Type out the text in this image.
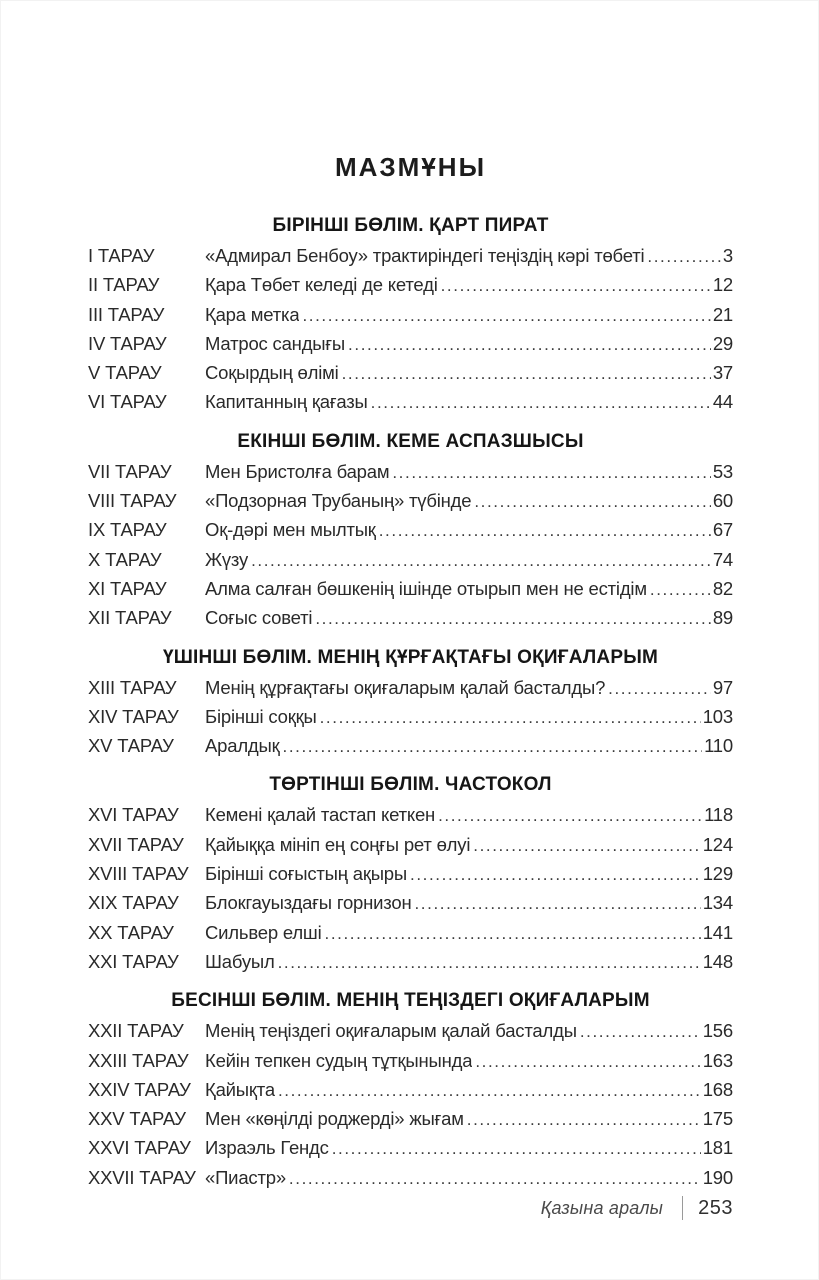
МАЗМҰНЫ
БІРІНШІ БӨЛІМ. ҚАРТ ПИРАТ
I ТАРАУ	«Адмирал Бенбоу» трактиріндегі теңіздің кәрі төбеті .....	3
II ТАРАУ	Қара Төбет келеді де кетеді .....	12
III ТАРАУ	Қара метка .....	21
IV ТАРАУ	Матрос сандығы .....	29
V ТАРАУ	Соқырдың өлімі .....	37
VI ТАРАУ	Капитанның қағазы .....	44
ЕКІНШІ БӨЛІМ. КЕМЕ АСПАЗШЫСЫ
VII ТАРАУ	Мен Бристолға барам .....	53
VIII ТАРАУ	«Подзорная Трубаның» түбінде .....	60
IX ТАРАУ	Оқ-дәрі мен мылтық .....	67
X ТАРАУ	Жүзу .....	74
XI ТАРАУ	Алма салған бөшкенің ішінде отырып мен не естідім .....	82
XII ТАРАУ	Соғыс советі .....	89
ҮШІНШІ БӨЛІМ. МЕНІҢ ҚҰРҒАҚТАҒЫ ОҚИҒАЛАРЫМ
XIII ТАРАУ	Менің құрғақтағы оқиғаларым қалай басталды? .....	97
XIV ТАРАУ	Бірінші соққы .....	103
XV ТАРАУ	Аралдық .....	110
ТӨРТІНШІ БӨЛІМ. ЧАСТОКОЛ
XVI ТАРАУ	Кемені қалай тастап кеткен .....	118
XVII ТАРАУ	Қайыққа мініп ең соңғы рет өлуі .....	124
XVIII ТАРАУ Бірінші соғыстың ақыры .....	129
XIX ТАРАУ	Блокгауыздағы горнизон .....	134
XX ТАРАУ	Сильвер елші .....	141
XXI ТАРАУ	Шабуыл .....	148
БЕСІНШІ БӨЛІМ. МЕНІҢ ТЕҢІЗДЕГІ ОҚИҒАЛАРЫМ
XXII ТАРАУ	Менің теңіздегі оқиғаларым қалай басталды .....	156
XXIII ТАРАУ Кейін тепкен судың тұтқынында .....	163
XXIV ТАРАУ Қайықта .....	168
XXV ТАРАУ	Мен «көңілді роджерді» жығам .....	175
XXVI ТАРАУ Израэль Гендс .....	181
XXVII ТАРАУ «Пиастр» .....	190
Қазына аралы 253
